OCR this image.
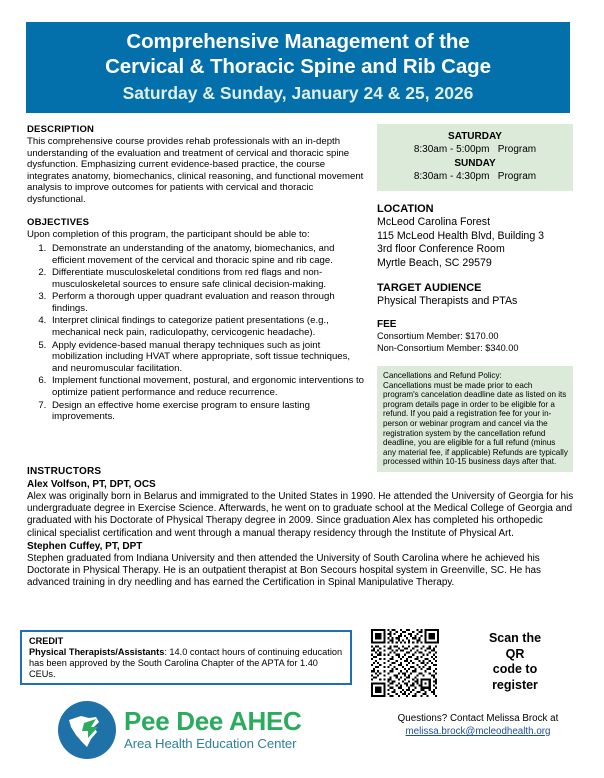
Comprehensive Management of the
Cervical & Thoracic Spine and Rib Cage
Saturday & Sunday, January 24 & 25, 2026
DESCRIPTION
This comprehensive course provides rehab professionals with an in-depth understanding of the evaluation and treatment of cervical and thoracic spine dysfunction. Emphasizing current evidence-based practice, the course integrates anatomy, biomechanics, clinical reasoning, and functional movement analysis to improve outcomes for patients with cervical and thoracic dysfunctional.
OBJECTIVES
Upon completion of this program, the participant should be able to:
1. Demonstrate an understanding of the anatomy, biomechanics, and efficient movement of the cervical and thoracic spine and rib cage.
2. Differentiate musculoskeletal conditions from red flags and non-musculoskeletal sources to ensure safe clinical decision-making.
3. Perform a thorough upper quadrant evaluation and reason through findings.
4. Interpret clinical findings to categorize patient presentations (e.g., mechanical neck pain, radiculopathy, cervicogenic headache).
5. Apply evidence-based manual therapy techniques such as joint mobilization including HVAT where appropriate, soft tissue techniques, and neuromuscular facilitation.
6. Implement functional movement, postural, and ergonomic interventions to optimize patient performance and reduce recurrence.
7. Design an effective home exercise program to ensure lasting improvements.
SATURDAY
8:30am - 5:00pm Program
SUNDAY
8:30am - 4:30pm Program
LOCATION
McLeod Carolina Forest
115 McLeod Health Blvd, Building 3
3rd floor Conference Room
Myrtle Beach, SC 29579
TARGET AUDIENCE
Physical Therapists and PTAs
FEE
Consortium Member: $170.00
Non-Consortium Member: $340.00
Cancellations and Refund Policy:
Cancellations must be made prior to each program's cancelation deadline date as listed on its program details page in order to be eligible for a refund. If you paid a registration fee for your in-person or webinar program and cancel via the registration system by the cancellation refund deadline, you are eligible for a full refund (minus any material fee, if applicable) Refunds are typically processed within 10-15 business days after that.
INSTRUCTORS
Alex Volfson, PT, DPT, OCS
Alex was originally born in Belarus and immigrated to the United States in 1990. He attended the University of Georgia for his undergraduate degree in Exercise Science. Afterwards, he went on to graduate school at the Medical College of Georgia and graduated with his Doctorate of Physical Therapy degree in 2009. Since graduation Alex has completed his orthopedic clinical specialist certification and went through a manual therapy residency through the Institute of Physical Art.
Stephen Cuffey, PT, DPT
Stephen graduated from Indiana University and then attended the University of South Carolina where he achieved his Doctorate in Physical Therapy. He is an outpatient therapist at Bon Secours hospital system in Greenville, SC. He has advanced training in dry needling and has earned the Certification in Spinal Manipulative Therapy.
CREDIT
Physical Therapists/Assistants: 14.0 contact hours of continuing education has been approved by the South Carolina Chapter of the APTA for 1.40 CEUs.
Scan the
QR
code to
register
Pee Dee AHEC
Area Health Education Center
Questions? Contact Melissa Brock at
melissa.brock@mcleodhealth.org
